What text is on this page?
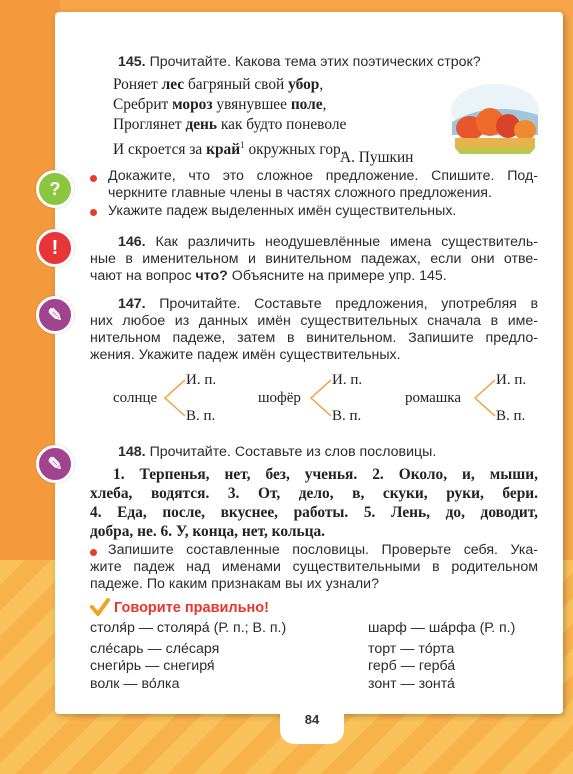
145. Прочитайте. Какова тема этих поэтических строк?
Роняет лес багряный свой убор,
Сребрит мороз увянувшее поле,
Проглянет день как будто поневоле
И скроется за край$^1$ окружных гор.
А. Пушкин
?
Докажите, что это сложное предложение. Спишите. Под-
черкните главные члены в частях сложного предложения.
Укажите падеж выделенных имён существительных.
!	146. Как различить неодушевлённые имена существитель-
ные в именительном и винительном падежах, если они отве-
чают на вопрос что? Объясните на примере упр. 145.
✎
147. Прочитайте. Составьте предложения, употребляя в
них любое из данных имён существительных сначала в име-
нительном падеже, затем в винительном. Запишите предло-
жения. Укажите падеж имён существительных.
солнце
И. п.
В. п.
шофёр
И. п.
В. п.
ромашка
И. п.
В. п.
✎
148. Прочитайте. Составьте из слов пословицы.
1. Терпенья, нет, без, ученья. 2. Около, и, мыши,
хлеба, водятся. 3. От, дело, в, скуки, руки, бери.
4. Еда, после, вкуснее, работы. 5. Лень, до, доводит,
добра, не. 6. У, конца, нет, кольца.
Запишите составленные пословицы. Проверьте себя. Ука-
жите падеж над именами существительными в родительном
падеже. По каким признакам вы их узнали?
Говорите правильно!
столя́р — столяра́ (Р. п.; В. п.)
сле́сарь — сле́саря
снеги́рь — снегиря́
волк — во́лка
шарф — ша́рфа (Р. п.)
торт — то́рта
герб — герба́
зонт — зонта́
84
